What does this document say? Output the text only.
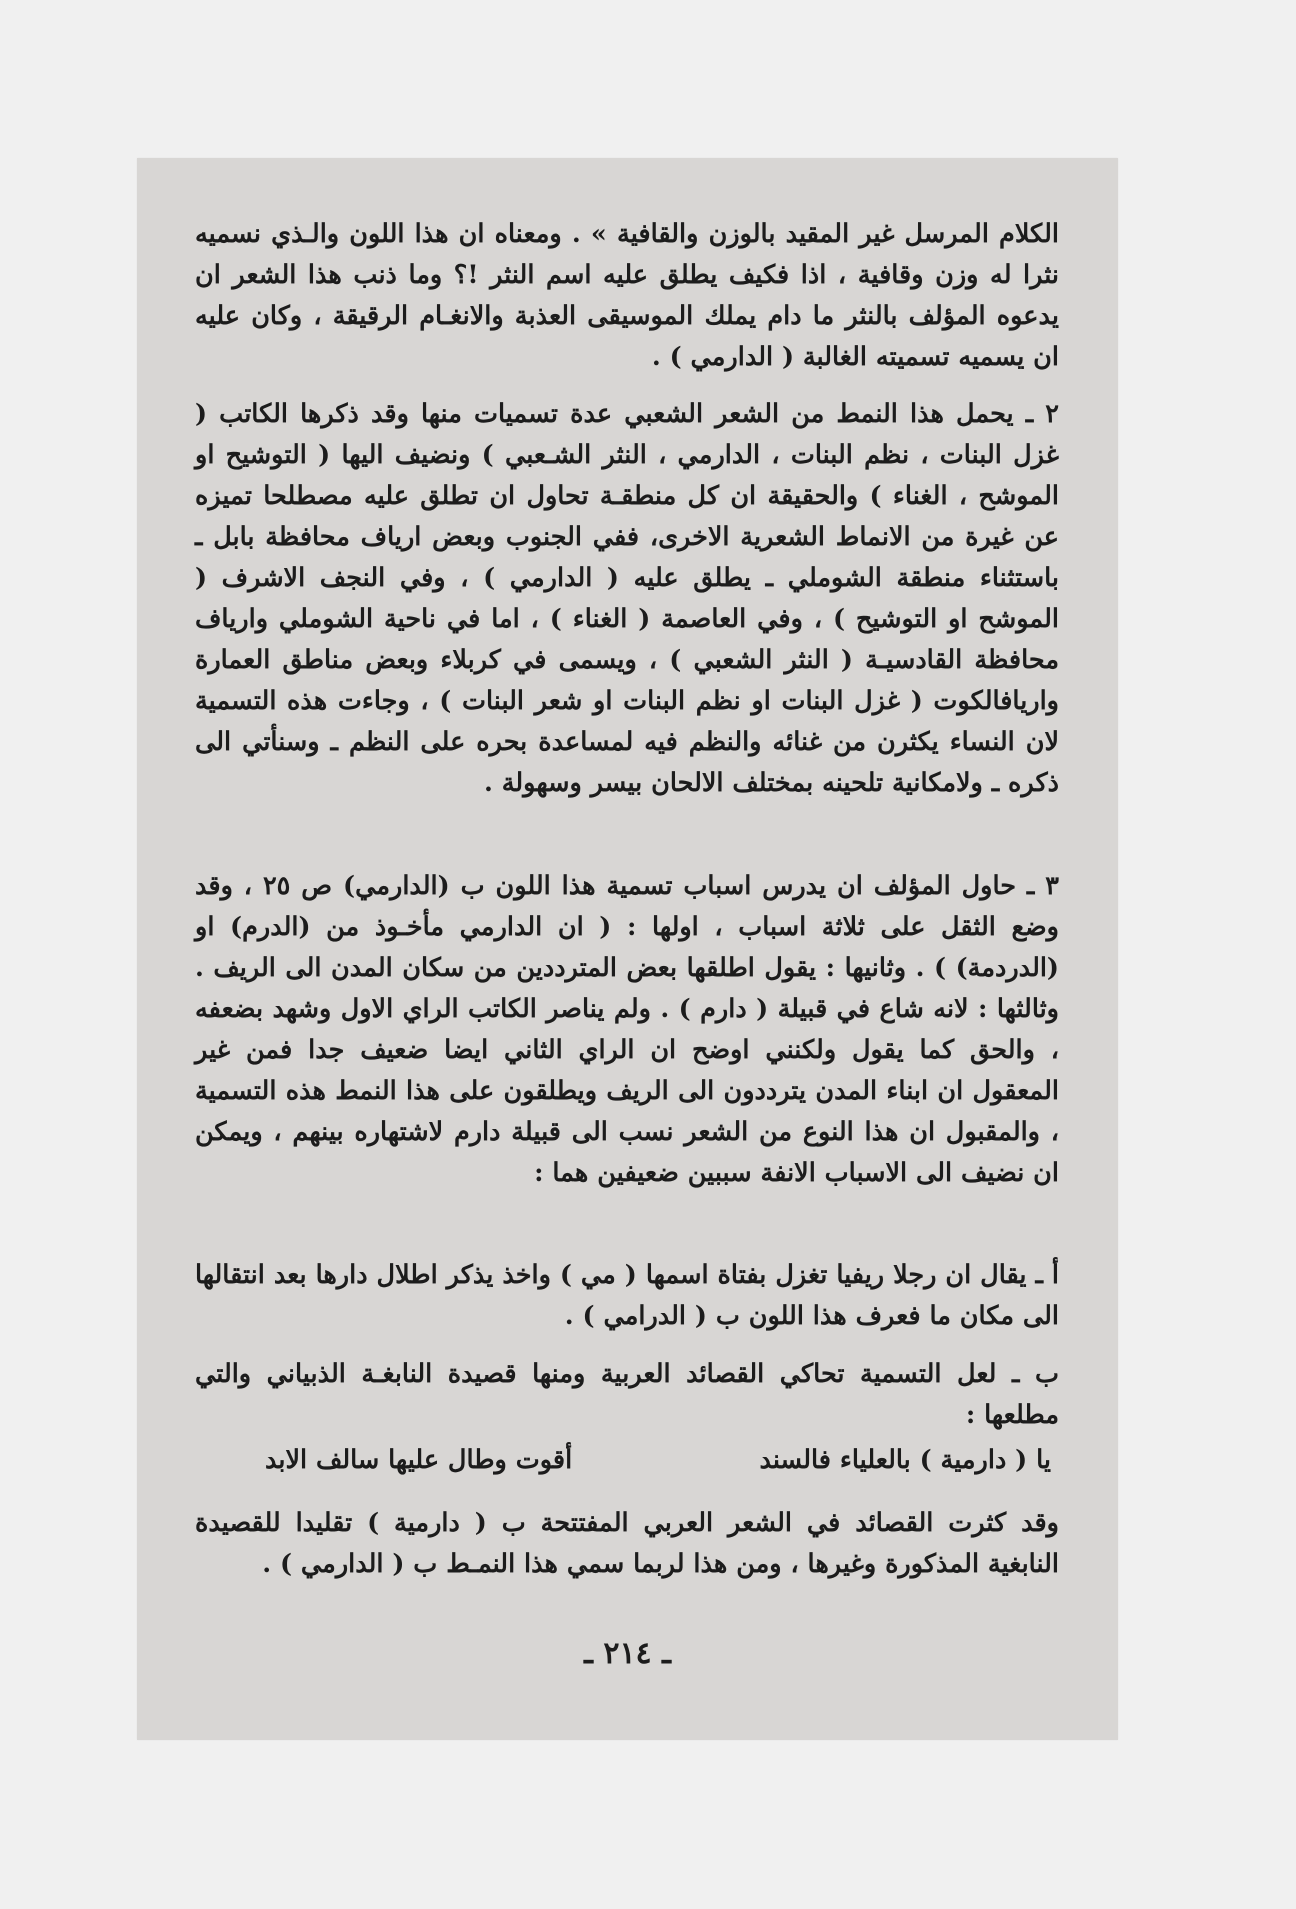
الكلام المرسل غير المقيد بالوزن والقافية » . ومعناه ان هذا اللون والـذي نسميه نثرا له وزن وقافية ، اذا فكيف يطلق عليه اسم النثر !؟ وما ذنب هذا الشعر ان يدعوه المؤلف بالنثر ما دام يملك الموسيقى العذبة والانغـام الرقيقة ، وكان عليه ان يسميه تسميته الغالبة ( الدارمي ) .

٢ ـ يحمل هذا النمط من الشعر الشعبي عدة تسميات منها وقد ذكرها الكاتب ( غزل البنات ، نظم البنات ، الدارمي ، النثر الشـعبي ) ونضيف اليها ( التوشيح او الموشح ، الغناء ) والحقيقة ان كل منطقـة تحاول ان تطلق عليه مصطلحا تميزه عن غيرة من الانماط الشعرية الاخرى، ففي الجنوب وبعض ارياف محافظة بابل ـ باستثناء منطقة الشوملي ـ يطلق عليه ( الدارمي ) ، وفي النجف الاشرف ( الموشح او التوشيح ) ، وفي العاصمة ( الغناء ) ، اما في ناحية الشوملي وارياف محافظة القادسيـة ( النثر الشعبي ) ، ويسمى في كربلاء وبعض مناطق العمارة واريافالكوت ( غزل البنات او نظم البنات او شعر البنات ) ، وجاءت هذه التسمية لان النساء يكثرن من غنائه والنظم فيه لمساعدة بحره على النظم ـ وسنأتي الى ذكره ـ ولامكانية تلحينه بمختلف الالحان بيسر وسهولة .

٣ ـ حاول المؤلف ان يدرس اسباب تسمية هذا اللون ب (الدارمي) ص ٢٥ ، وقد وضع الثقل على ثلاثة اسباب ، اولها : ( ان الدارمي مأخـوذ من (الدرم) او (الدردمة) ) . وثانيها : يقول اطلقها بعض المترددين من سكان المدن الى الريف . وثالثها : لانه شاع في قبيلة ( دارم ) . ولم يناصر الكاتب الراي الاول وشهد بضعفه ، والحق كما يقول ولكنني اوضح ان الراي الثاني ايضا ضعيف جدا فمن غير المعقول ان ابناء المدن يترددون الى الريف ويطلقون على هذا النمط هذه التسمية ، والمقبول ان هذا النوع من الشعر نسب الى قبيلة دارم لاشتهاره بينهم ، ويمكن ان نضيف الى الاسباب الانفة سببين ضعيفين هما :

أ ـ يقال ان رجلا ريفيا تغزل بفتاة اسمها ( مي ) واخذ يذكر اطلال دارها بعد انتقالها الى مكان ما فعرف هذا اللون ب ( الدرامي ) .

ب ـ لعل التسمية تحاكي القصائد العربية ومنها قصيدة النابغـة الذبياني والتي مطلعها :

يا ( دارمية ) بالعلياء فالسند
أقوت وطال عليها سالف الابد

وقد كثرت القصائد في الشعر العربي المفتتحة ب ( دارمية ) تقليدا للقصيدة النابغية المذكورة وغيرها ، ومن هذا لربما سمي هذا النمـط ب ( الدارمي ) .

ـ ٢١٤ ـ
